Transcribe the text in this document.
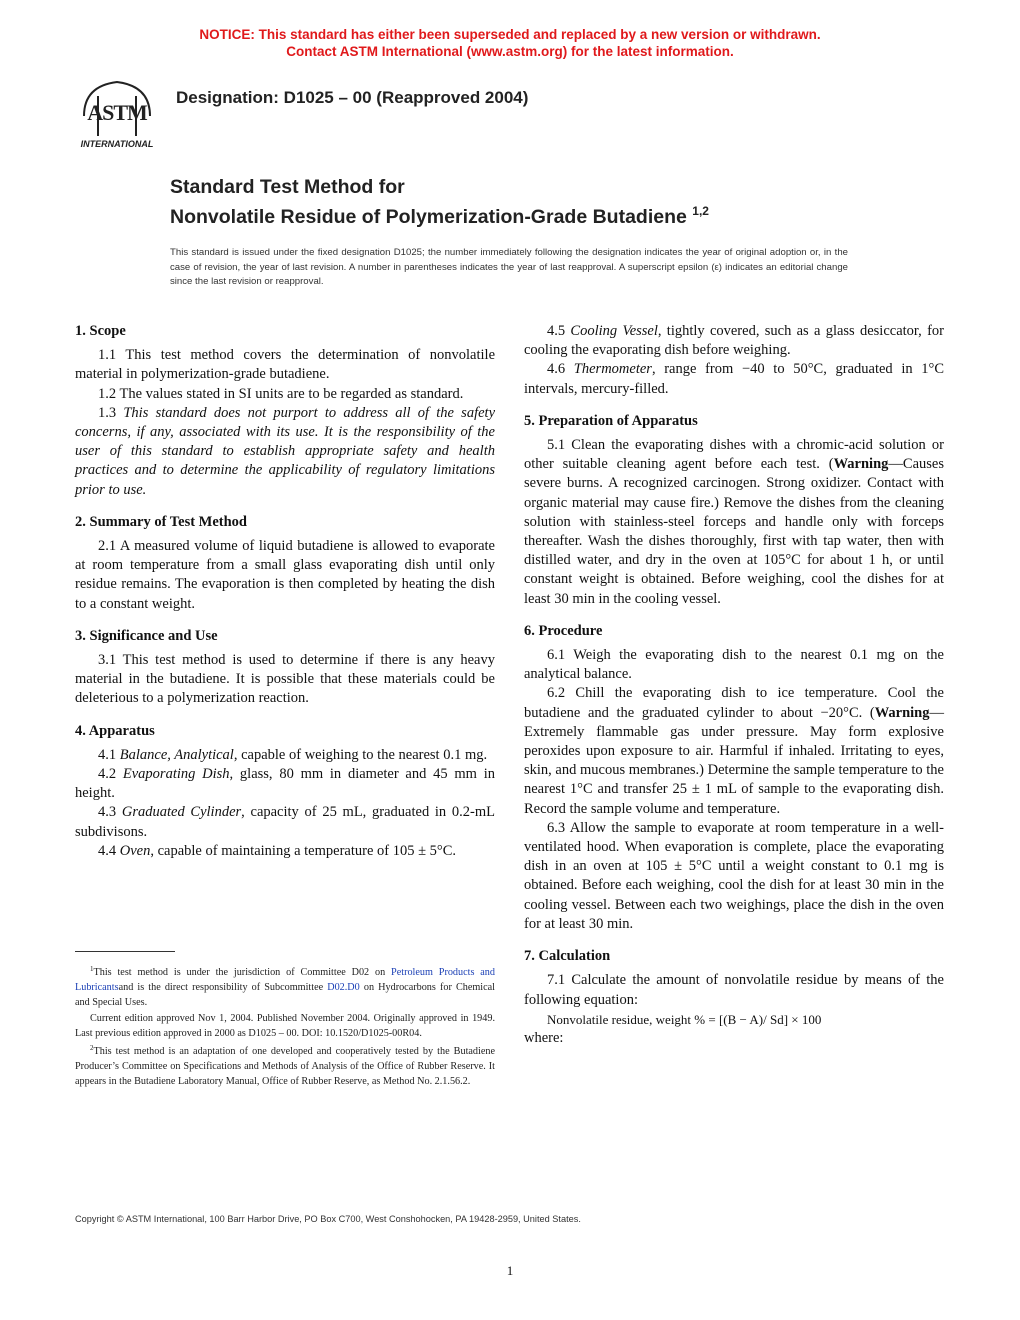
NOTICE: This standard has either been superseded and replaced by a new version or withdrawn.
Contact ASTM International (www.astm.org) for the latest information.
ASTM
INTERNATIONAL
Designation: D1025 – 00 (Reapproved 2004)
Standard Test Method for
Nonvolatile Residue of Polymerization-Grade Butadiene $^{1,2}$
This standard is issued under the fixed designation D1025; the number immediately following the designation indicates the year of original adoption or, in the case of revision, the year of last revision. A number in parentheses indicates the year of last reapproval. A superscript epsilon (ε) indicates an editorial change since the last revision or reapproval.
1. Scope

1.1 This test method covers the determination of nonvolatile material in polymerization-grade butadiene.

1.2 The values stated in SI units are to be regarded as standard.

1.3 This standard does not purport to address all of the safety concerns, if any, associated with its use. It is the responsibility of the user of this standard to establish appropriate safety and health practices and to determine the applicability of regulatory limitations prior to use.

2. Summary of Test Method

2.1 A measured volume of liquid butadiene is allowed to evaporate at room temperature from a small glass evaporating dish until only residue remains. The evaporation is then completed by heating the dish to a constant weight.

3. Significance and Use

3.1 This test method is used to determine if there is any heavy material in the butadiene. It is possible that these materials could be deleterious to a polymerization reaction.

4. Apparatus

4.1 Balance, Analytical, capable of weighing to the nearest 0.1 mg.

4.2 Evaporating Dish, glass, 80 mm in diameter and 45 mm in height.

4.3 Graduated Cylinder, capacity of 25 mL, graduated in 0.2-mL subdivisons.

4.4 Oven, capable of maintaining a temperature of 105 ± 5°C.

4.5 Cooling Vessel, tightly covered, such as a glass desiccator, for cooling the evaporating dish before weighing.

4.6 Thermometer, range from −40 to 50°C, graduated in 1°C intervals, mercury-filled.

5. Preparation of Apparatus

5.1 Clean the evaporating dishes with a chromic-acid solution or other suitable cleaning agent before each test. (Warning—Causes severe burns. A recognized carcinogen. Strong oxidizer. Contact with organic material may cause fire.) Remove the dishes from the cleaning solution with stainless-steel forceps and handle only with forceps thereafter. Wash the dishes thoroughly, first with tap water, then with distilled water, and dry in the oven at 105°C for about 1 h, or until constant weight is obtained. Before weighing, cool the dishes for at least 30 min in the cooling vessel.

6. Procedure

6.1 Weigh the evaporating dish to the nearest 0.1 mg on the analytical balance.

6.2 Chill the evaporating dish to ice temperature. Cool the butadiene and the graduated cylinder to about −20°C. (Warning—Extremely flammable gas under pressure. May form explosive peroxides upon exposure to air. Harmful if inhaled. Irritating to eyes, skin, and mucous membranes.) Determine the sample temperature to the nearest 1°C and transfer 25 ± 1 mL of sample to the evaporating dish. Record the sample volume and temperature.

6.3 Allow the sample to evaporate at room temperature in a well-ventilated hood. When evaporation is complete, place the evaporating dish in an oven at 105 ± 5°C until a weight constant to 0.1 mg is obtained. Before each weighing, cool the dish for at least 30 min in the cooling vessel. Between each two weighings, place the dish in the oven for at least 30 min.

7. Calculation

7.1 Calculate the amount of nonvolatile residue by means of the following equation:

Nonvolatile residue, weight % = [(B − A)/ Sd] × 100

where:

$^1$This test method is under the jurisdiction of Committee D02 on Petroleum Products and Lubricantsand is the direct responsibility of Subcommittee D02.D0 on Hydrocarbons for Chemical and Special Uses.

Current edition approved Nov 1, 2004. Published November 2004. Originally approved in 1949. Last previous edition approved in 2000 as D1025 – 00. DOI: 10.1520/D1025-00R04.

$^2$This test method is an adaptation of one developed and cooperatively tested by the Butadiene Producer’s Committee on Specifications and Methods of Analysis of the Office of Rubber Reserve. It appears in the Butadiene Laboratory Manual, Office of Rubber Reserve, as Method No. 2.1.56.2.

Copyright © ASTM International, 100 Barr Harbor Drive, PO Box C700, West Conshohocken, PA 19428-2959, United States.
1
